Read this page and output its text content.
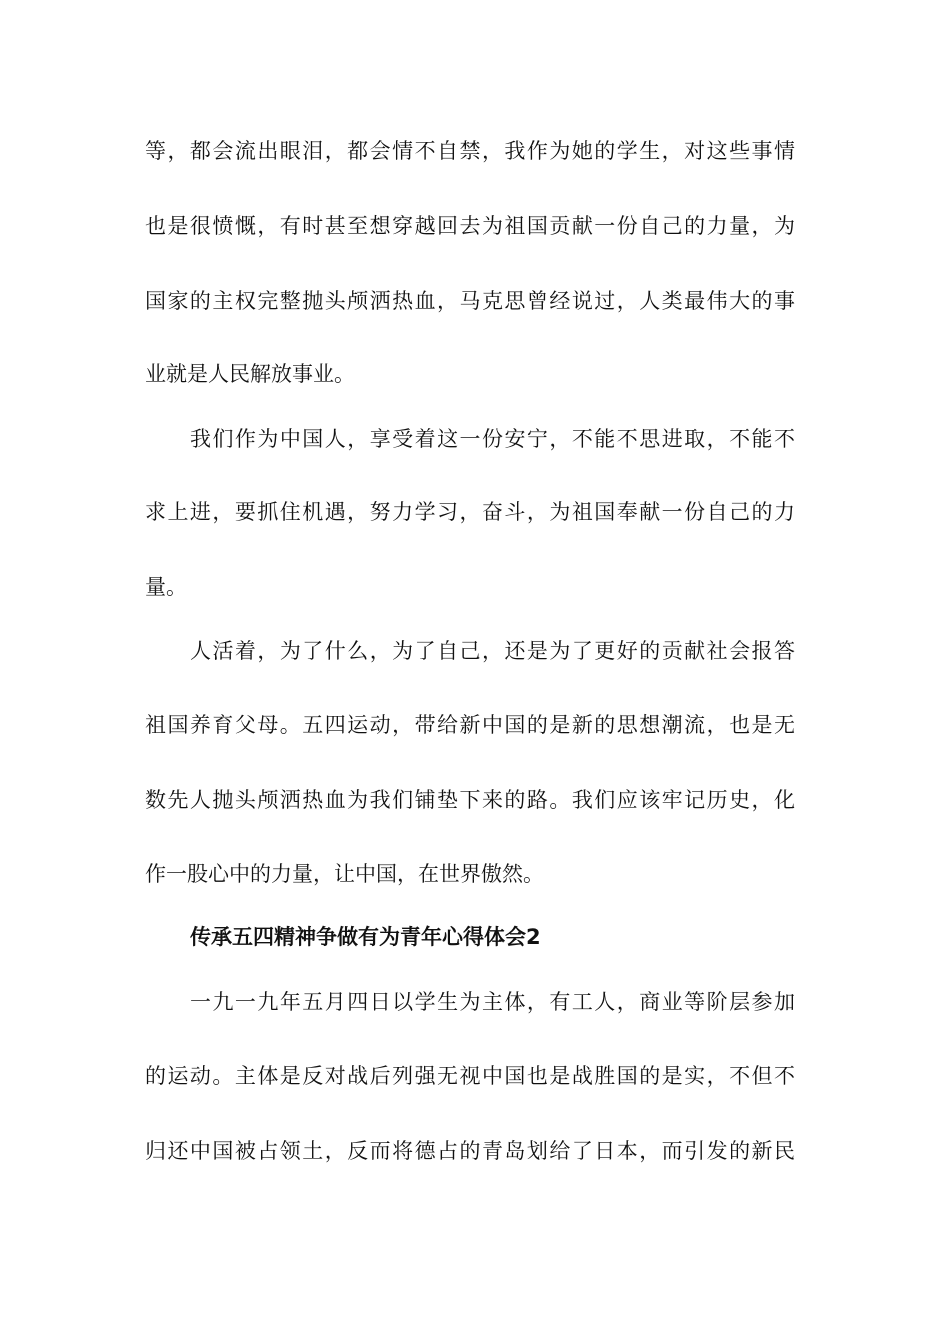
等，都会流出眼泪，都会情不自禁，我作为她的学生，对这些事情
也是很愤慨，有时甚至想穿越回去为祖国贡献一份自己的力量，为
国家的主权完整抛头颅洒热血，马克思曾经说过，人类最伟大的事
业就是人民解放事业。
我们作为中国人，享受着这一份安宁，不能不思进取，不能不
求上进，要抓住机遇，努力学习，奋斗，为祖国奉献一份自己的力
量。
人活着，为了什么，为了自己，还是为了更好的贡献社会报答
祖国养育父母。五四运动，带给新中国的是新的思想潮流，也是无
数先人抛头颅洒热血为我们铺垫下来的路。我们应该牢记历史，化
作一股心中的力量，让中国，在世界傲然。
传承五四精神争做有为青年心得体会2
一九一九年五月四日以学生为主体，有工人，商业等阶层参加
的运动。主体是反对战后列强无视中国也是战胜国的是实，不但不
归还中国被占领土，反而将德占的青岛划给了日本，而引发的新民
